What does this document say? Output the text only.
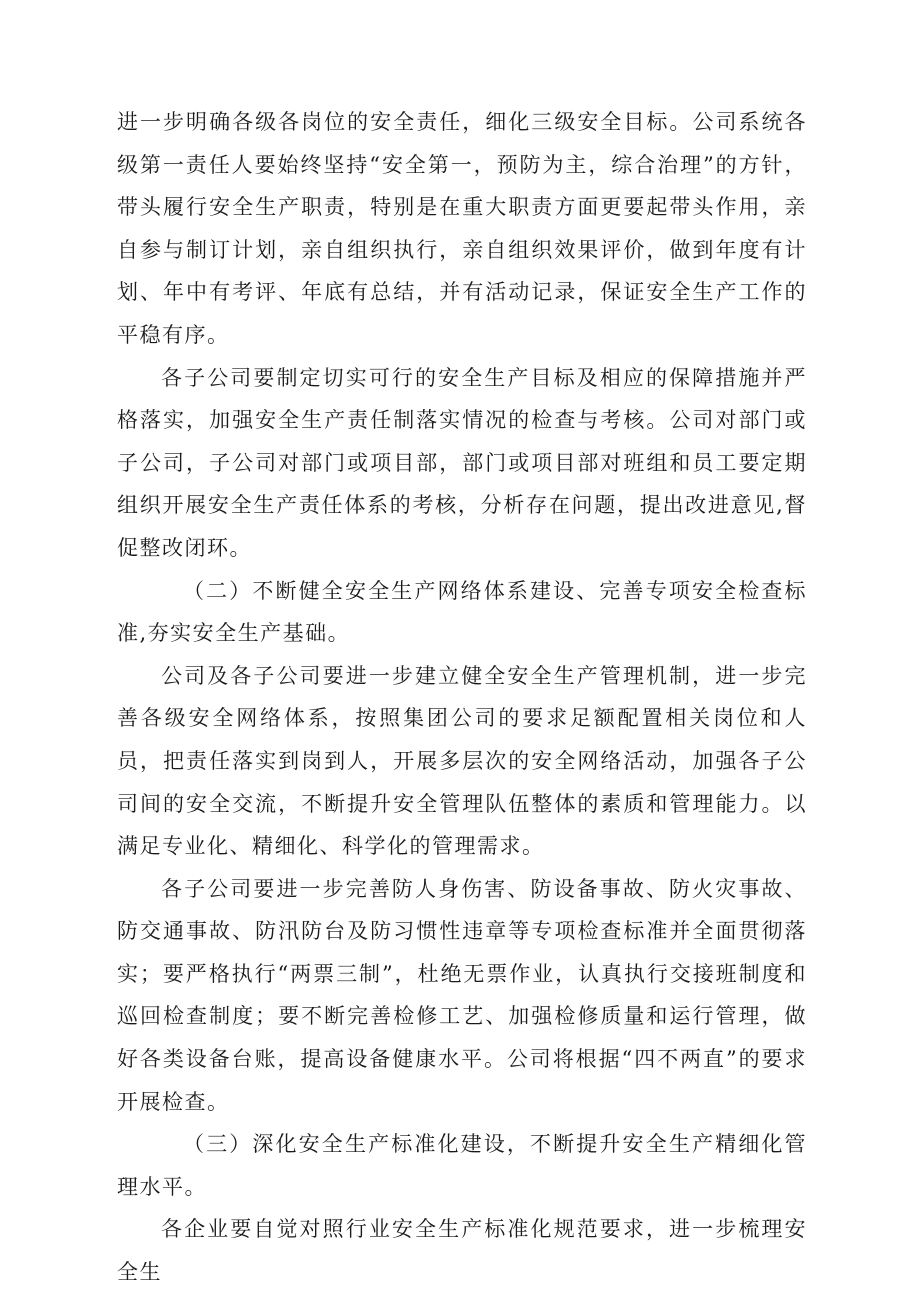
进一步明确各级各岗位的安全责任，细化三级安全目标。公司系统各级第一责任人要始终坚持“安全第一，预防为主，综合治理”的方针，带头履行安全生产职责，特别是在重大职责方面更要起带头作用，亲自参与制订计划，亲自组织执行，亲自组织效果评价，做到年度有计划、年中有考评、年底有总结，并有活动记录，保证安全生产工作的平稳有序。

各子公司要制定切实可行的安全生产目标及相应的保障措施并严格落实，加强安全生产责任制落实情况的检查与考核。公司对部门或子公司，子公司对部门或项目部，部门或项目部对班组和员工要定期组织开展安全生产责任体系的考核，分析存在问题，提出改进意见,督促整改闭环。

（二）不断健全安全生产网络体系建设、完善专项安全检查标准,夯实安全生产基础。

公司及各子公司要进一步建立健全安全生产管理机制，进一步完善各级安全网络体系，按照集团公司的要求足额配置相关岗位和人员，把责任落实到岗到人，开展多层次的安全网络活动，加强各子公司间的安全交流，不断提升安全管理队伍整体的素质和管理能力。以满足专业化、精细化、科学化的管理需求。

各子公司要进一步完善防人身伤害、防设备事故、防火灾事故、防交通事故、防汛防台及防习惯性违章等专项检查标准并全面贯彻落实；要严格执行“两票三制”，杜绝无票作业，认真执行交接班制度和巡回检查制度；要不断完善检修工艺、加强检修质量和运行管理，做好各类设备台账，提高设备健康水平。公司将根据“四不两直”的要求开展检查。

（三）深化安全生产标准化建设，不断提升安全生产精细化管理水平。

各企业要自觉对照行业安全生产标准化规范要求，进一步梳理安全生
